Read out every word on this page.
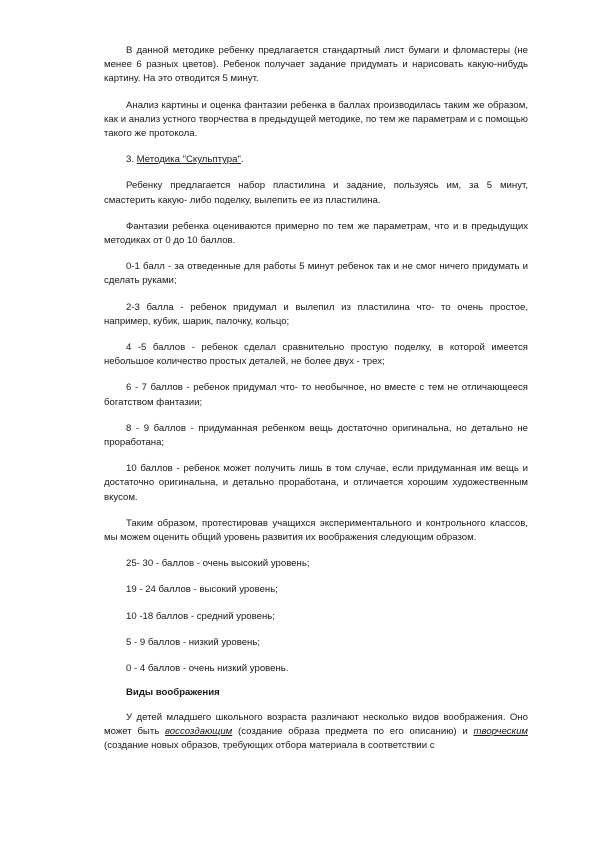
В данной методике ребенку предлагается стандартный лист бумаги и фломастеры (не менее 6 разных цветов). Ребенок получает задание придумать и нарисовать какую-нибудь картину. На это отводится 5 минут.

Анализ картины и оценка фантазии ребенка в баллах производилась таким же образом, как и анализ устного творчества в предыдущей методике, по тем же параметрам и с помощью такого же протокола.

3. Методика "Скульптура".

Ребенку предлагается набор пластилина и задание, пользуясь им, за 5 минут, смастерить какую- либо поделку, вылепить ее из пластилина.

Фантазии ребенка оцениваются примерно по тем же параметрам, что и в предыдущих методиках от 0 до 10 баллов.

0-1 балл - за отведенные для работы 5 минут ребенок так и не смог ничего придумать и сделать руками;

2-3 балла - ребенок придумал и вылепил из пластилина что- то очень простое, например, кубик, шарик, палочку, кольцо;

4 -5 баллов - ребенок сделал сравнительно простую поделку, в которой имеется небольшое количество простых деталей, не более двух - трех;

6 - 7 баллов - ребенок придумал что- то необычное, но вместе с тем не отличающееся богатством фантазии;

8 - 9 баллов - придуманная ребенком вещь достаточно оригинальна, но детально не проработана;

10 баллов - ребенок может получить лишь в том случае, если придуманная им вещь и достаточно оригинальна, и детально проработана, и отличается хорошим художественным вкусом.

Таким образом, протестировав учащихся экспериментального и контрольного классов, мы можем оценить общий уровень развития их воображения следующим образом.

25- 30 - баллов - очень высокий уровень;

19 - 24 баллов - высокий уровень;

10 -18 баллов - средний уровень;

5 - 9 баллов - низкий уровень;

0 - 4 баллов - очень низкий уровень.

Виды воображения

У детей младшего школьного возраста различают несколько видов воображения. Оно может быть воссоздающим (создание образа предмета по его описанию) и творческим (создание новых образов, требующих отбора материала в соответствии с
